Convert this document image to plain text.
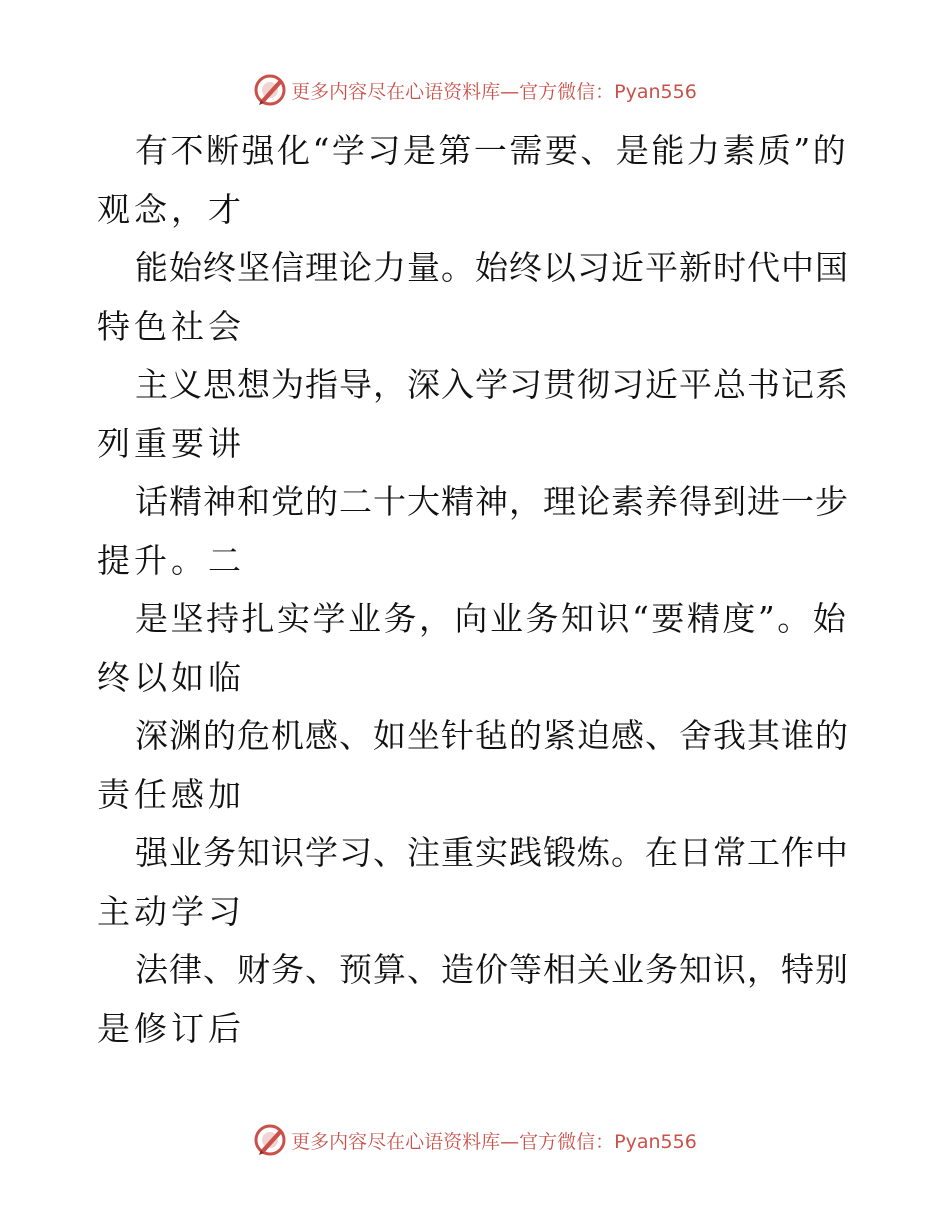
更多内容尽在心语资料库—官方微信：Pyan556

有不断强化“学习是第一需要、是能力素质”的
观念，才

能始终坚信理论力量。始终以习近平新时代中国
特色社会

主义思想为指导，深入学习贯彻习近平总书记系
列重要讲

话精神和党的二十大精神，理论素养得到进一步
提升。二

是坚持扎实学业务，向业务知识“要精度”。始
终以如临

深渊的危机感、如坐针毡的紧迫感、舍我其谁的
责任感加

强业务知识学习、注重实践锻炼。在日常工作中
主动学习

法律、财务、预算、造价等相关业务知识，特别
是修订后

更多内容尽在心语资料库—官方微信：Pyan556
